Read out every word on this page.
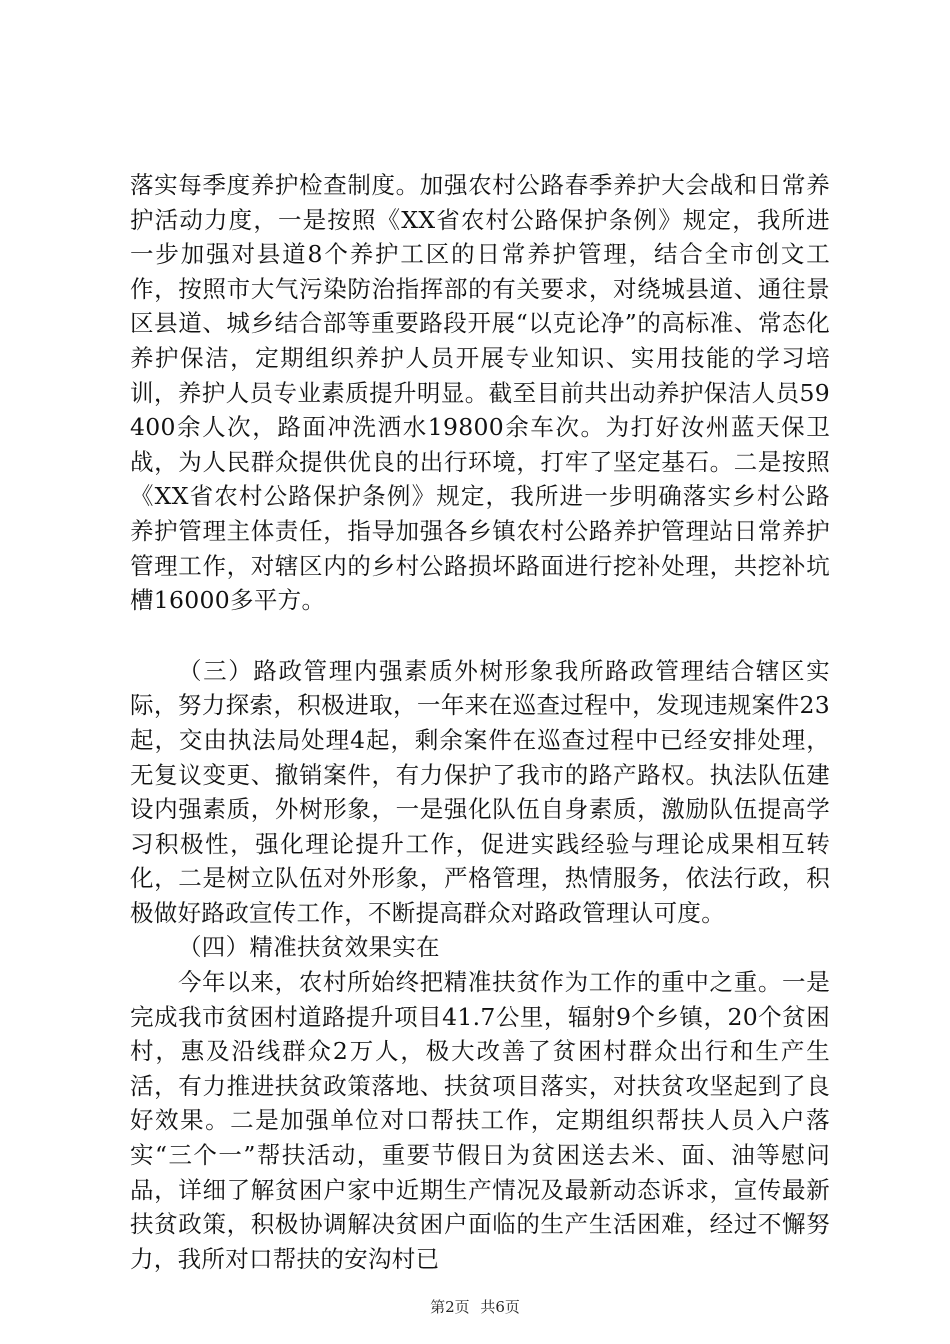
落实每季度养护检查制度。加强农村公路春季养护大会战和日常养护活动力度，一是按照《XX省农村公路保护条例》规定，我所进一步加强对县道8个养护工区的日常养护管理，结合全市创文工作，按照市大气污染防治指挥部的有关要求，对绕城县道、通往景区县道、城乡结合部等重要路段开展“以克论净”的高标准、常态化养护保洁，定期组织养护人员开展专业知识、实用技能的学习培训，养护人员专业素质提升明显。截至目前共出动养护保洁人员59400余人次，路面冲洗洒水19800余车次。为打好汝州蓝天保卫战，为人民群众提供优良的出行环境，打牢了坚定基石。二是按照《XX省农村公路保护条例》规定，我所进一步明确落实乡村公路养护管理主体责任，指导加强各乡镇农村公路养护管理站日常养护管理工作，对辖区内的乡村公路损坏路面进行挖补处理，共挖补坑槽16000多平方。

（三）路政管理内强素质外树形象我所路政管理结合辖区实际，努力探索，积极进取，一年来在巡查过程中，发现违规案件23起，交由执法局处理4起，剩余案件在巡查过程中已经安排处理，无复议变更、撤销案件，有力保护了我市的路产路权。执法队伍建设内强素质，外树形象，一是强化队伍自身素质，激励队伍提高学习积极性，强化理论提升工作，促进实践经验与理论成果相互转化，二是树立队伍对外形象，严格管理，热情服务，依法行政，积极做好路政宣传工作，不断提高群众对路政管理认可度。

（四）精准扶贫效果实在

今年以来，农村所始终把精准扶贫作为工作的重中之重。一是完成我市贫困村道路提升项目41.7公里，辐射9个乡镇，20个贫困村，惠及沿线群众2万人，极大改善了贫困村群众出行和生产生活，有力推进扶贫政策落地、扶贫项目落实，对扶贫攻坚起到了良好效果。二是加强单位对口帮扶工作，定期组织帮扶人员入户落实“三个一”帮扶活动，重要节假日为贫困送去米、面、油等慰问品，详细了解贫困户家中近期生产情况及最新动态诉求，宣传最新扶贫政策，积极协调解决贫困户面临的生产生活困难，经过不懈努力，我所对口帮扶的安沟村已

第2页 共6页
